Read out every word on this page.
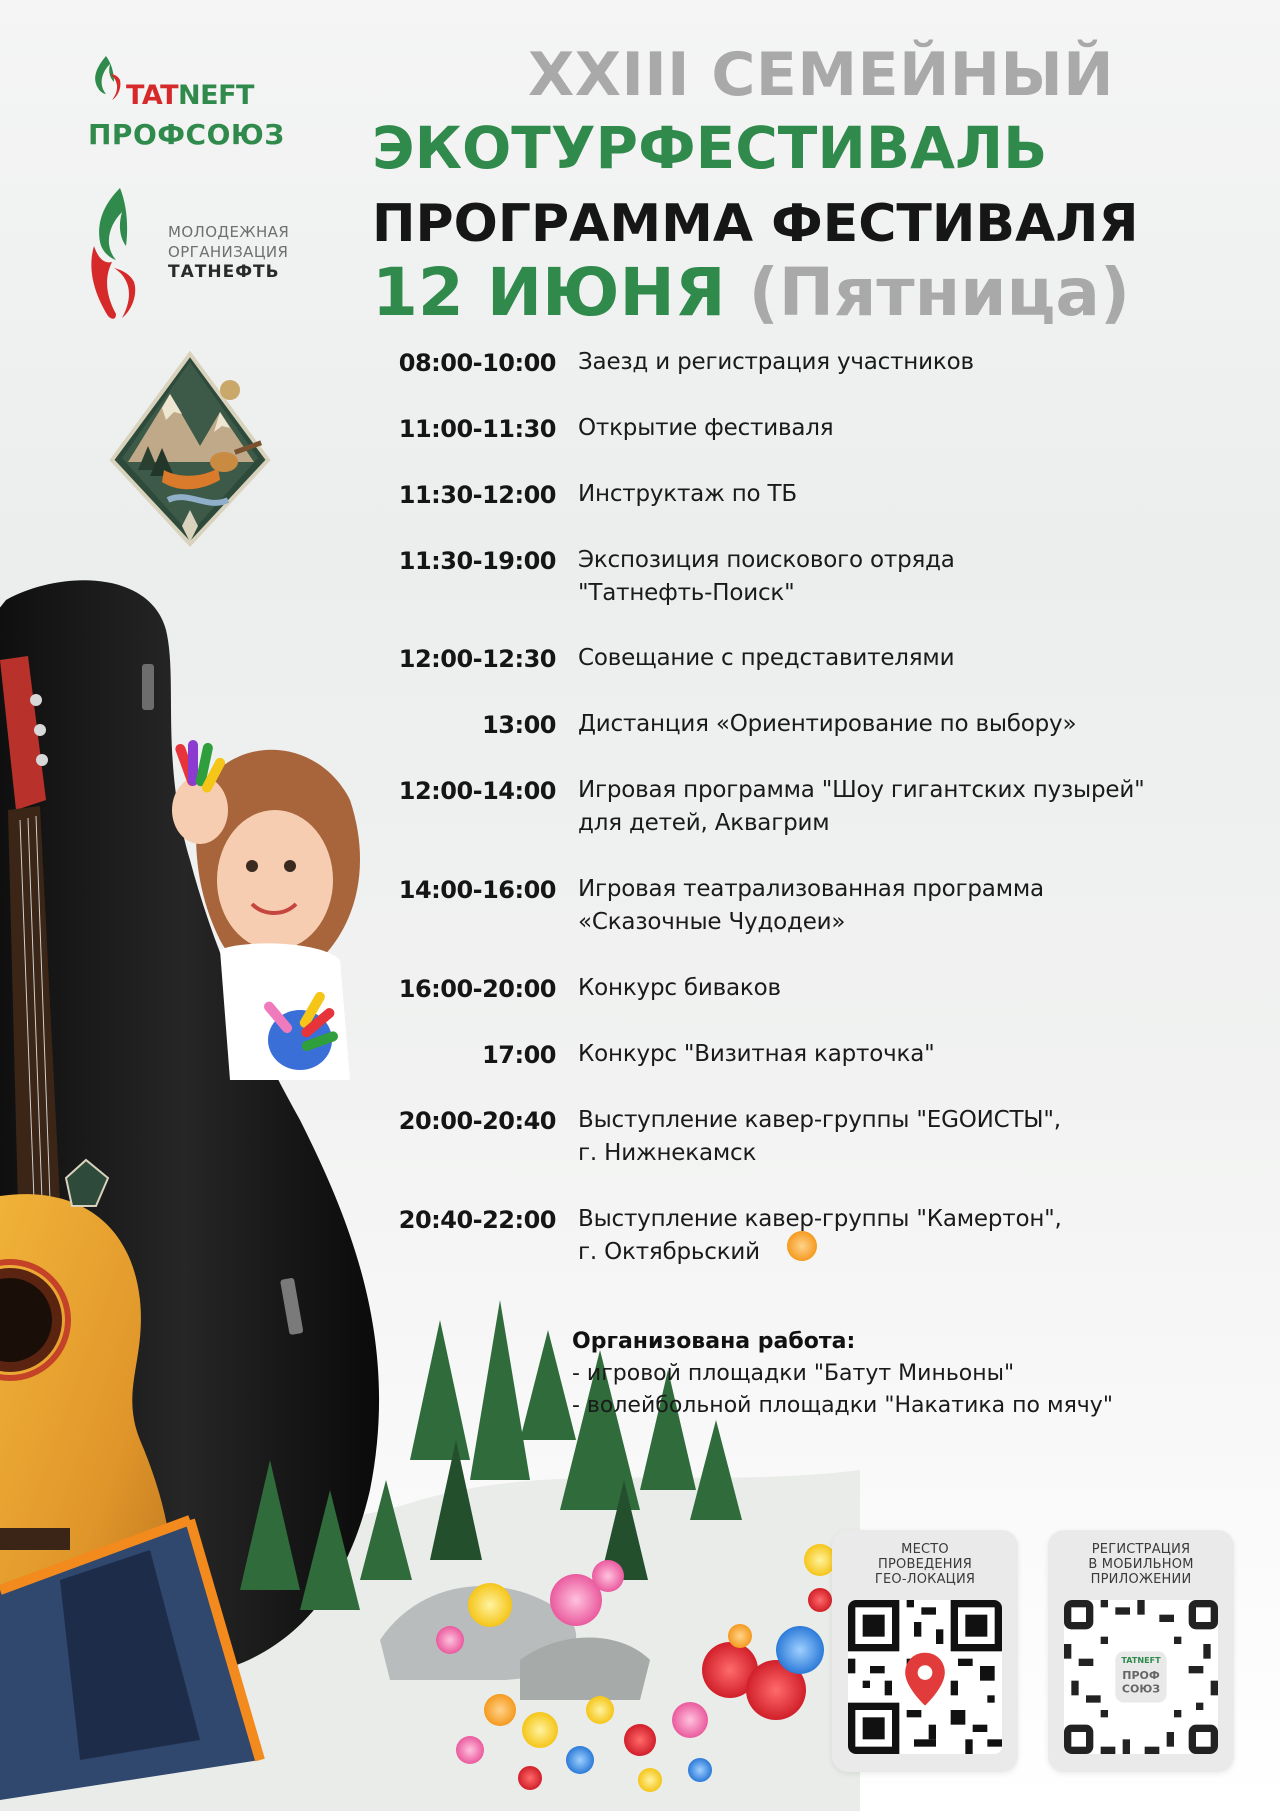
TATNEFT
ПРОФСОЮЗ
МОЛОДЕЖНАЯ
ОРГАНИЗАЦИЯ
ТАТНЕФТЬ
XXIII СЕМЕЙНЫЙ
ЭКОТУРФЕСТИВАЛЬ
ПРОГРАММА ФЕСТИВАЛЯ
12 ИЮНЯ (Пятница)
08:00-10:00 Заезд и регистрация участников
11:00-11:30 Открытие фестиваля
11:30-12:00 Инструктаж по ТБ
11:30-19:00 Экспозиция поискового отряда
"Татнефть-Поиск"
12:00-12:30 Совещание с представителями
13:00 Дистанция «Ориентирование по выбору»
12:00-14:00 Игровая программа "Шоу гигантских пузырей"
для детей, Аквагрим
14:00-16:00 Игровая театрализованная программа
«Сказочные Чудодеи»
16:00-20:00 Конкурс биваков
17:00 Конкурс "Визитная карточка"
20:00-20:40 Выступление кавер-группы "EGOИСТЫ",
г. Нижнекамск
20:40-22:00 Выступление кавер-группы "Камертон",
г. Октябрьский
Организована работа:
- игровой площадки "Батут Миньоны"
- волейбольной площадки "Накатика по мячу"
МЕСТО
ПРОВЕДЕНИЯ
ГЕО-ЛОКАЦИЯ
РЕГИСТРАЦИЯ
В МОБИЛЬНОМ
ПРИЛОЖЕНИИ
TATNEFT
ПРОФ
СОЮЗ
